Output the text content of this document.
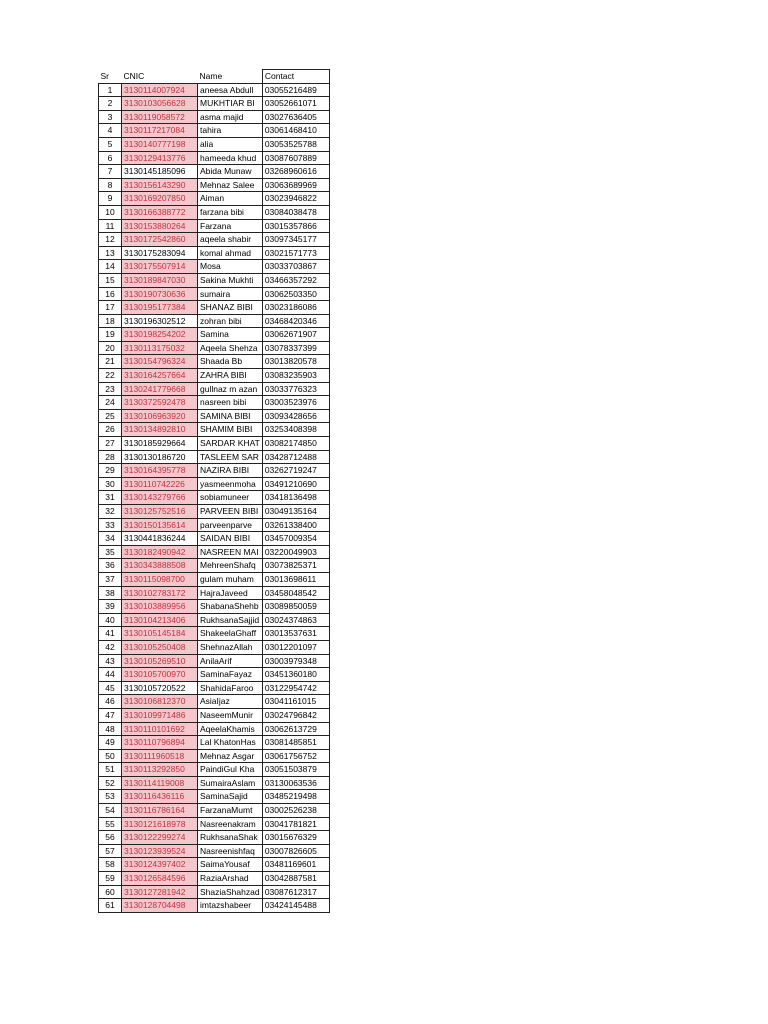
Sr	CNIC	Name	Contact
1	3130114007924	aneesa Abdull	03055216489
2	3130103056628	MUKHTIAR BI	03052661071
3	3130119058572	asma majid	03027636405
4	3130117217084	tahira	03061468410
5	3130140777198	alia	03053525788
6	3130129413776	hameeda khud	03087607889
7	3130145185096	Abida Munaw	03268960616
8	3130156143290	Mehnaz Salee	03063689969
9	3130169207850	Aiman	03023946822
10	3130166388772	farzana bibi	03084038478
11	3130153880264	Farzana	03015357866
12	3130172542860	aqeela shabir	03097345177
13	3130175283094	komal ahmad	03021571773
14	3130175507914	Mosa	03033703867
15	3130189847030	Sakina Mukhti	03466357292
16	3130190730636	sumaira	03062503350
17	3130195177384	SHANAZ BIBI	03023186086
18	3130196302512	zohran bibi	03468420346
19	3130198254202	Samina	03062671907
20	3130113175032	Aqeela Shehza	03078337399
21	3130154796324	Shaada Bb	03013820578
22	3130164257664	ZAHRA BIBI	03083235903
23	3130241779668	gullnaz m azan	03033776323
24	3130372592478	nasreen bibi	03003523976
25	3130106963920	SAMINA BIBI	03093428656
26	3130134892810	SHAMIM BIBI	03253408398
27	3130185929664	SARDAR KHAT	03082174850
28	3130130186720	TASLEEM SAR	03428712488
29	3130164395778	NAZIRA BIBI	03262719247
30	3130110742226	yasmeenmoha	03491210690
31	3130143279766	sobiamuneer	03418136498
32	3130125752516	PARVEEN BIBI	03049135164
33	3130150135614	parveenparve	03261338400
34	3130441836244	SAIDAN BIBI	03457009354
35	3130182490942	NASREEN MAI	03220049903
36	3130343888508	MehreenShafq	03073825371
37	3130115098700	gulam muham	03013698611
38	3130102783172	HajraJaveed	03458048542
39	3130103889956	ShabanaShehb	03089850059
40	3130104213406	RukhsanaSajjid	03024374863
41	3130105145184	ShakeelaGhaff	03013537631
42	3130105250408	ShehnazAllah	03012201097
43	3130105269510	AnilaArif	03003979348
44	3130105700970	SaminaFayaz	03451360180
45	3130105720522	ShahidaFaroo	03122954742
46	3130106812370	AsiaIjaz	03041161015
47	3130109971486	NaseemMunir	03024796842
48	3130110101692	AqeelaKhamis	03062613729
49	3130110796894	Lal KhatonHas	03081485851
50	3130111960518	Mehnaz Asgar	03061756752
51	3130113292850	PaindiGul Kha	03051503879
52	3130114119008	SumairaAslam	03130063536
53	3130116436116	SaminaSajid	03485219498
54	3130116786164	FarzanaMumt	03002526238
55	3130121618978	Nasreenakram	03041781821
56	3130122299274	RukhsanaShak	03015676329
57	3130123939524	Nasreenishfaq	03007826605
58	3130124397402	SaimaYousaf	03481169601
59	3130126584596	RaziaArshad	03042887581
60	3130127281942	ShaziaShahzad	03087612317
61	3130128704498	imtazshabeer	03424145488
